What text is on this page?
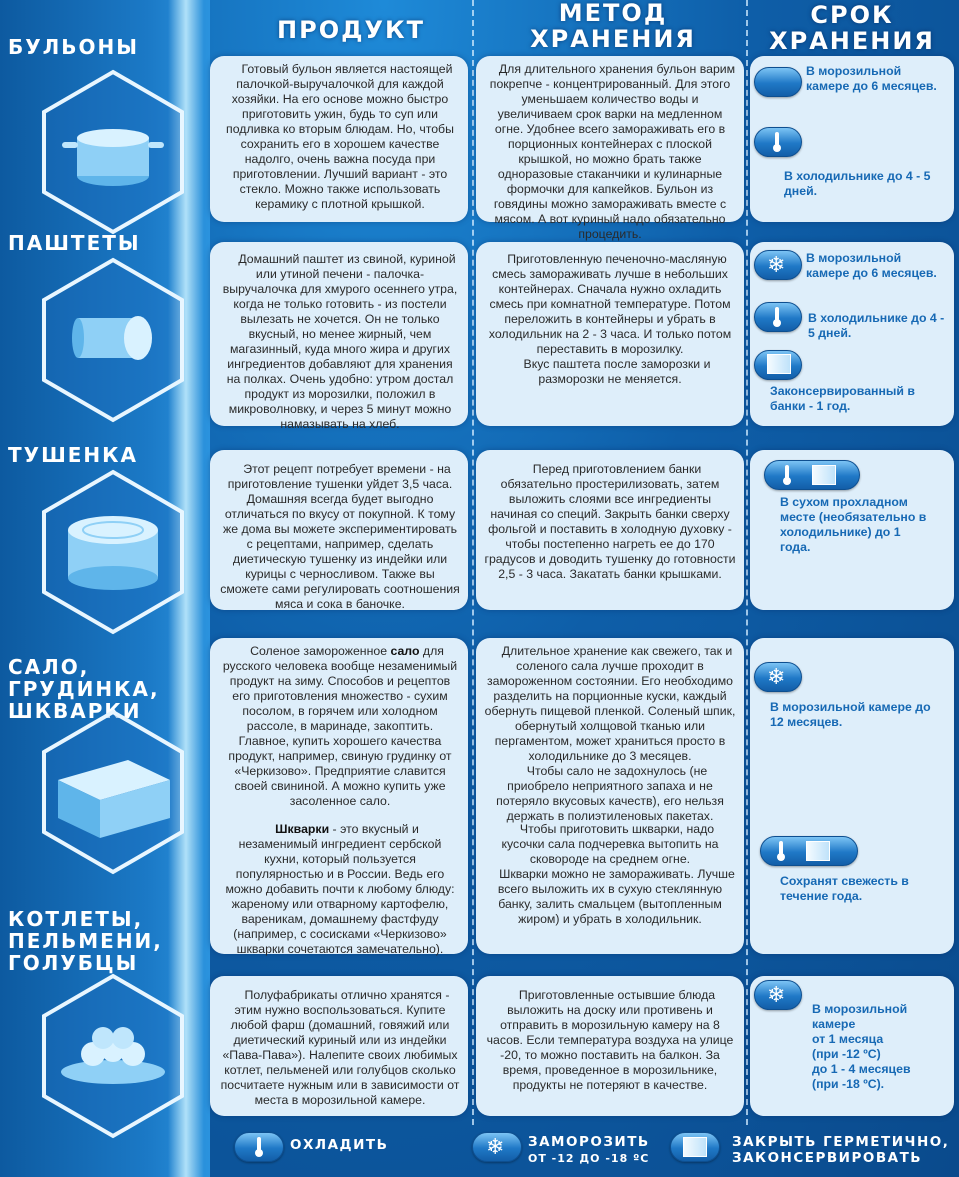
ПРОДУКТ
МЕТОД
ХРАНЕНИЯ
СРОК
ХРАНЕНИЯ
БУЛЬОНЫ
ПАШТЕТЫ
ТУШЕНКА
САЛО,
ГРУДИНКА,
ШКВАРКИ
КОТЛЕТЫ,
ПЕЛЬМЕНИ,
ГОЛУБЦЫ

Готовый бульон является настоящей палочкой-выручалочкой для каждой хозяйки. На его основе можно быстро приготовить ужин, будь то суп или подливка ко вторым блюдам. Но, чтобы сохранить его в хорошем качестве надолго, очень важна посуда при приготовлении. Лучший вариант - это стекло. Можно также использовать керамику с плотной крышкой.

Для длительного хранения бульон варим покрепче - концентрированный. Для этого уменьшаем количество воды и увеличиваем срок варки на медленном огне. Удобнее всего замораживать его в порционных контейнерах с плоской крышкой, но можно брать также одноразовые стаканчики и кулинарные формочки для капкейков. Бульон из говядины можно замораживать вместе с мясом. А вот куриный надо обязательно процедить.

В морозильной камере до 6 месяцев.
В холодильнике до 4 - 5 дней.

Домашний паштет из свиной, куриной или утиной печени - палочка-выручалочка для хмурого осеннего утра, когда не только готовить - из постели вылезать не хочется. Он не только вкусный, но менее жирный, чем магазинный, куда много жира и других ингредиентов добавляют для хранения на полках. Очень удобно: утром достал продукт из морозилки, положил в микроволновку, и через 5 минут можно намазывать на хлеб.

Приготовленную печеночно-масляную смесь замораживать лучше в небольших контейнерах. Сначала нужно охладить смесь при комнатной температуре. Потом переложить в контейнеры и убрать в холодильник на 2 - 3 часа. И только потом переставить в морозилку.

Вкус паштета после заморозки и разморозки не меняется.

❄ В морозильной камере до 6 месяцев.
В холодильнике до 4 - 5 дней.
Законсервированный в банки - 1 год.

Этот рецепт потребует времени - на приготовление тушенки уйдет 3,5 часа. Домашняя всегда будет выгодно отличаться по вкусу от покупной. К тому же дома вы можете экспериментировать с рецептами, например, сделать диетическую тушенку из индейки или курицы с черносливом. Также вы сможете сами регулировать соотношения мяса и сока в баночке.

Перед приготовлением банки обязательно простерилизовать, затем выложить слоями все ингредиенты начиная со специй. Закрыть банки сверху фольгой и поставить в холодную духовку - чтобы постепенно нагреть ее до 170 градусов и доводить тушенку до готовности 2,5 - 3 часа. Закатать банки крышками.

В сухом прохладном месте (необязательно в холодильнике) до 1 года.

Соленое замороженное сало для русского человека вообще незаменимый продукт на зиму. Способов и рецептов его приготовления множество - сухим посолом, в горячем или холодном рассоле, в маринаде, закоптить. Главное, купить хорошего качества продукт, например, свиную грудинку от «Черкизово». Предприятие славится своей свининой. А можно купить уже засоленное сало.

Шкварки - это вкусный и незаменимый ингредиент сербской кухни, который пользуется популярностью и в России. Ведь его можно добавить почти к любому блюду: жареному или отварному картофелю, вареникам, домашнему фастфуду (например, с сосисками «Черкизово» шкварки сочетаются замечательно).

Длительное хранение как свежего, так и соленого сала лучше проходит в замороженном состоянии. Его необходимо разделить на порционные куски, каждый обернуть пищевой пленкой. Соленый шпик, обернутый холщовой тканью или пергаментом, может храниться просто в холодильнике до 3 месяцев.

Чтобы сало не задохнулось (не приобрело неприятного запаха и не потеряло вкусовых качеств), его нельзя держать в полиэтиленовых пакетах.

Чтобы приготовить шкварки, надо кусочки сала подчеревка вытопить на сковороде на среднем огне.

Шкварки можно не замораживать. Лучше всего выложить их в сухую стеклянную банку, залить смальцем (вытопленным жиром) и убрать в холодильник.

❄
В морозильной камере до 12 месяцев.
Сохранят свежесть в течение года.

Полуфабрикаты отлично хранятся - этим нужно воспользоваться. Купите любой фарш (домашний, говяжий или диетический куриный или из индейки «Пава-Пава»). Налепите своих любимых котлет, пельменей или голубцов сколько посчитаете нужным или в зависимости от места в морозильной камере.

Приготовленные остывшие блюда выложить на доску или противень и отправить в морозильную камеру на 8 часов. Если температура воздуха на улице -20, то можно поставить на балкон. За время, проведенное в морозильнике, продукты не потеряют в качестве.

❄
В морозильной камере
от 1 месяца
(при -12 ºС)
до 1 - 4 месяцев
(при -18 ºС).
ОХЛАДИТЬ	❄ ЗАМОРОЗИТЬ
ОТ -12 ДО -18 ºС
ЗАКРЫТЬ ГЕРМЕТИЧНО,
ЗАКОНСЕРВИРОВАТЬ
